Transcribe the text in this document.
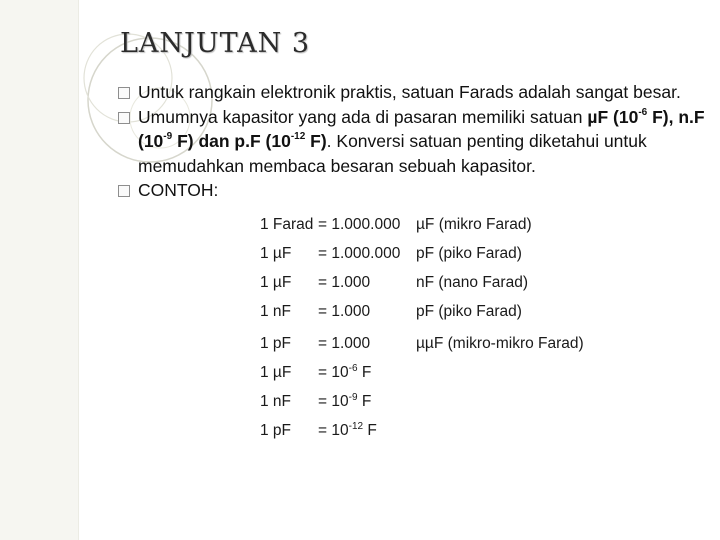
LANJUTAN 3
Untuk rangkain elektronik praktis, satuan Farads adalah sangat besar.
Umumnya kapasitor yang ada di pasaran memiliki satuan µF ($10^{-6}$ F), n.F ($10^{-9}$ F) dan p.F ($10^{-12}$ F). Konversi satuan penting diketahui untuk memudahkan membaca besaran sebuah kapasitor.
CONTOH:
1 Farad = 1.000.000 µF (mikro Farad)
1 µF = 1.000.000 pF (piko Farad)
1 µF = 1.000	nF (nano Farad)
1 nF = 1.000	pF (piko Farad)
1 pF = 1.000	µµF (mikro-mikro Farad)
1 $\mu F = 10^{-6}$ F
1 nF = $10^{-9}$ F
1 pF = $10^{-12}$ F
